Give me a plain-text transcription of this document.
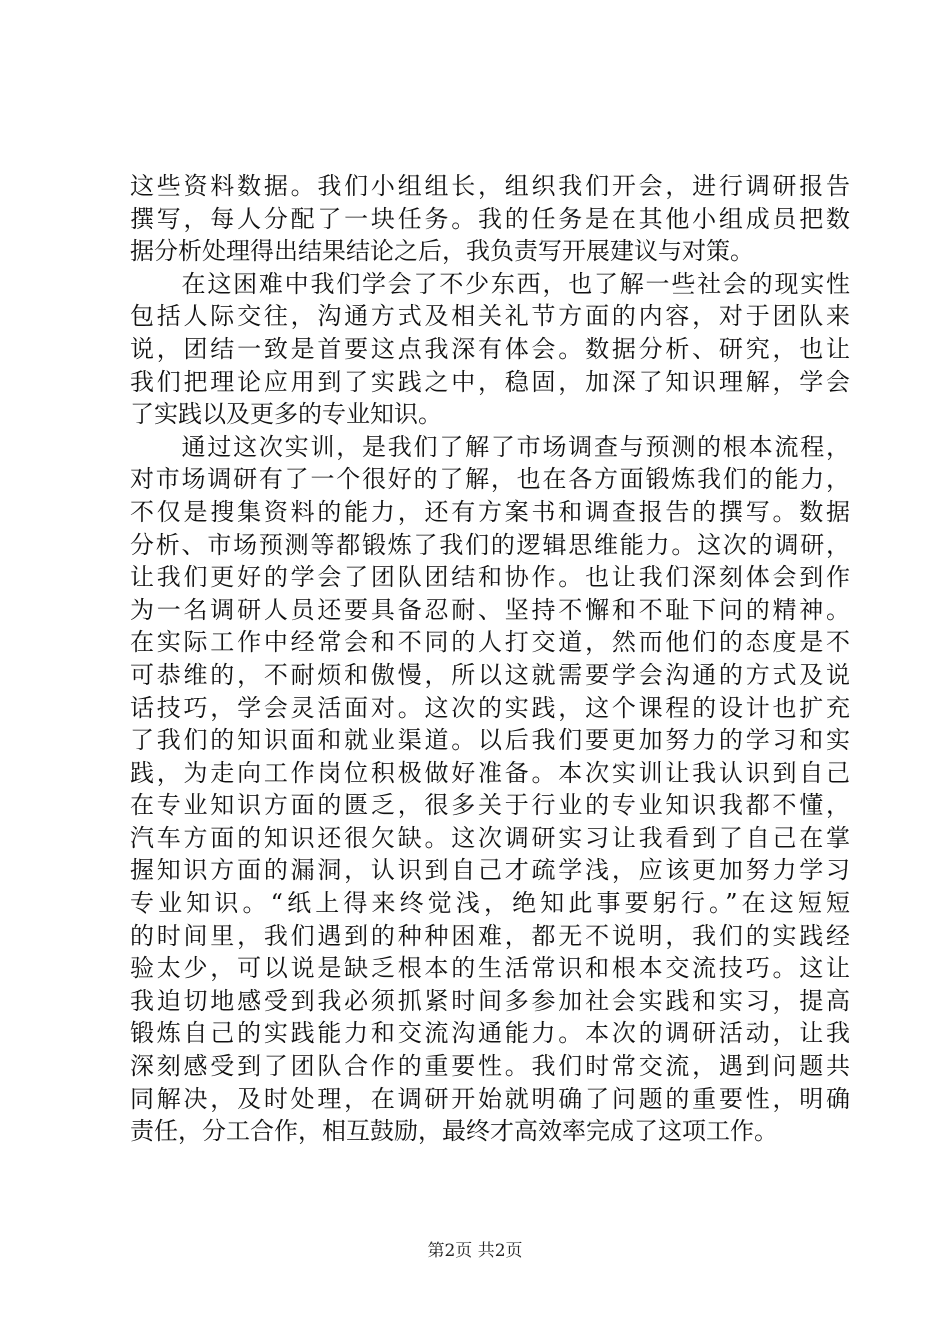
这些资料数据。我们小组组长，组织我们开会，进行调研报告
撰写，每人分配了一块任务。我的任务是在其他小组成员把数
据分析处理得出结果结论之后，我负责写开展建议与对策。
　　在这困难中我们学会了不少东西，也了解一些社会的现实性
包括人际交往，沟通方式及相关礼节方面的内容，对于团队来
说，团结一致是首要这点我深有体会。数据分析、研究，也让
我们把理论应用到了实践之中，稳固，加深了知识理解，学会
了实践以及更多的专业知识。
　　通过这次实训，是我们了解了市场调查与预测的根本流程，
对市场调研有了一个很好的了解，也在各方面锻炼我们的能力，
不仅是搜集资料的能力，还有方案书和调查报告的撰写。数据
分析、市场预测等都锻炼了我们的逻辑思维能力。这次的调研，
让我们更好的学会了团队团结和协作。也让我们深刻体会到作
为一名调研人员还要具备忍耐、坚持不懈和不耻下问的精神。
在实际工作中经常会和不同的人打交道，然而他们的态度是不
可恭维的，不耐烦和傲慢，所以这就需要学会沟通的方式及说
话技巧，学会灵活面对。这次的实践，这个课程的设计也扩充
了我们的知识面和就业渠道。以后我们要更加努力的学习和实
践，为走向工作岗位积极做好准备。本次实训让我认识到自己
在专业知识方面的匮乏，很多关于行业的专业知识我都不懂，
汽车方面的知识还很欠缺。这次调研实习让我看到了自己在掌
握知识方面的漏洞，认识到自己才疏学浅，应该更加努力学习
专业知识。“纸上得来终觉浅，绝知此事要躬行。”在这短短
的时间里，我们遇到的种种困难，都无不说明，我们的实践经
验太少，可以说是缺乏根本的生活常识和根本交流技巧。这让
我迫切地感受到我必须抓紧时间多参加社会实践和实习，提高
锻炼自己的实践能力和交流沟通能力。本次的调研活动，让我
深刻感受到了团队合作的重要性。我们时常交流，遇到问题共
同解决，及时处理，在调研开始就明确了问题的重要性，明确
责任，分工合作，相互鼓励，最终才高效率完成了这项工作。
第2页 共2页
